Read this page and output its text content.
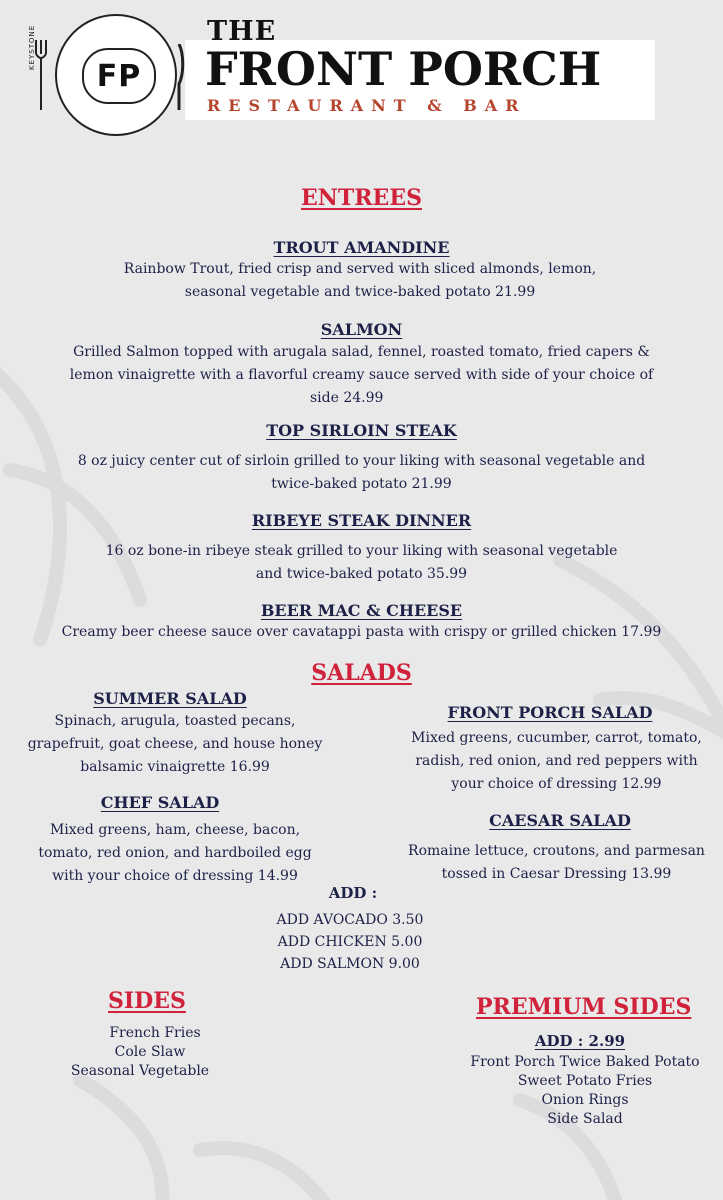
KEYSTONE
FP
THE
FRONT PORCH
RESTAURANT & BAR
ENTREES
TROUT AMANDINE
Rainbow Trout, fried crisp and served with sliced almonds, lemon,
seasonal vegetable and twice-baked potato 21.99
SALMON
Grilled Salmon topped with arugala salad, fennel, roasted tomato, fried capers &
lemon vinaigrette with a flavorful creamy sauce served with side of your choice of
side 24.99
TOP SIRLOIN STEAK
8 oz juicy center cut of sirloin grilled to your liking with seasonal vegetable and
twice-baked potato 21.99
RIBEYE STEAK DINNER
16 oz bone-in ribeye steak grilled to your liking with seasonal vegetable
and twice-baked potato 35.99
BEER MAC & CHEESE
Creamy beer cheese sauce over cavatappi pasta with crispy or grilled chicken 17.99
SALADS
SUMMER SALAD
Spinach, arugula, toasted pecans,
grapefruit, goat cheese, and house honey
balsamic vinaigrette 16.99
CHEF SALAD
Mixed greens, ham, cheese, bacon,
tomato, red onion, and hardboiled egg
with your choice of dressing 14.99
FRONT PORCH SALAD
Mixed greens, cucumber, carrot, tomato,
radish, red onion, and red peppers with
your choice of dressing 12.99
CAESAR SALAD
Romaine lettuce, croutons, and parmesan
tossed in Caesar Dressing 13.99
ADD :
ADD AVOCADO 3.50
ADD CHICKEN 5.00
ADD SALMON 9.00
SIDES
French Fries
Cole Slaw
Seasonal Vegetable
PREMIUM SIDES
ADD : 2.99
Front Porch Twice Baked Potato
Sweet Potato Fries
Onion Rings
Side Salad
